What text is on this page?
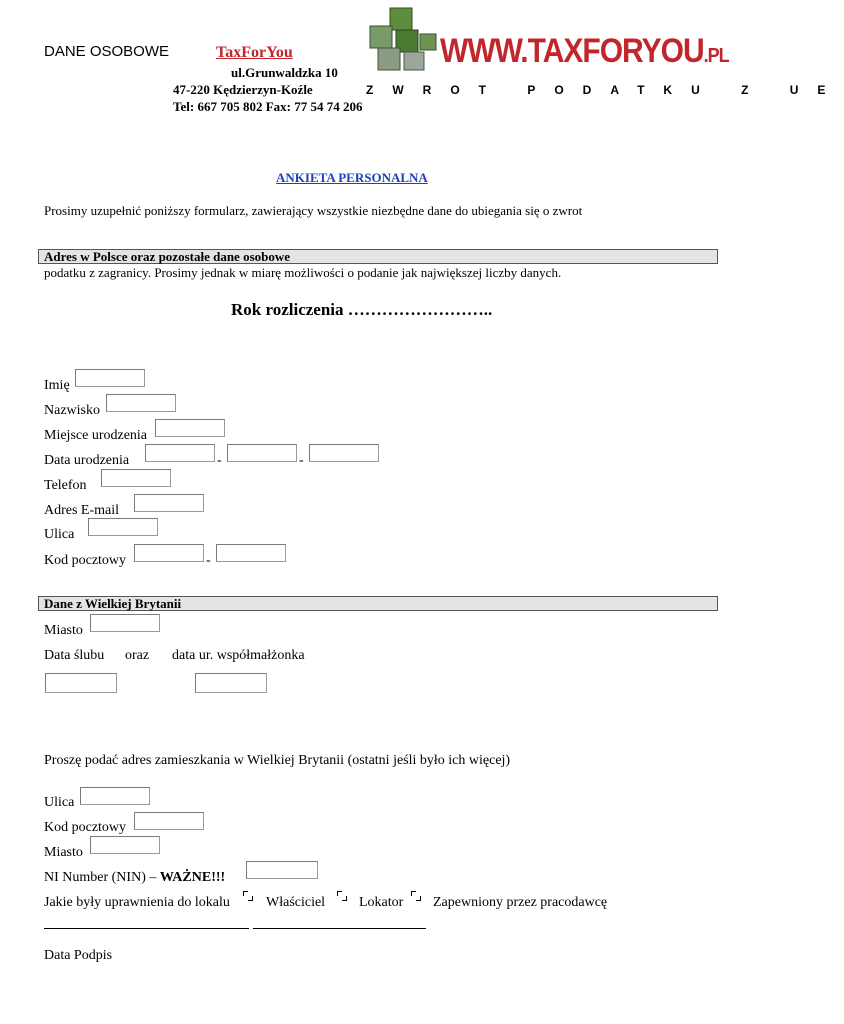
DANE OSOBOWE	TaxForYou
ul.Grunwaldzka 10
47-220 Kędzierzyn-Koźle
Tel: 667 705 802 Fax: 77 54 74 206
WWW.TAXFORYOU.PL
ZWROT PODATKU Z UE
ANKIETA PERSONALNA
Prosimy uzupełnić poniższy formularz, zawierający wszystkie niezbędne dane do ubiegania się o zwrot
Adres w Polsce oraz pozostałe dane osobowe
podatku z zagranicy. Prosimy jednak w miarę możliwości o podanie jak największej liczby danych.
Rok rozliczenia ……………………..
Imię
Nazwisko
Miejsce urodzenia
Data urodzenia	-	-
Telefon
Adres E-mail
Ulica
Kod pocztowy	-
Dane z Wielkiej Brytanii
Miasto
Data ślubu oraz data ur. współmałżonka
Proszę podać adres zamieszkania w Wielkiej Brytanii (ostatni jeśli było ich więcej)
Ulica
Kod pocztowy
Miasto
NI Number (NIN) – WAŻNE!!!
Jakie były uprawnienia do lokalu	Właściciel Lokator Zapewniony przez pracodawcę
Data Podpis
